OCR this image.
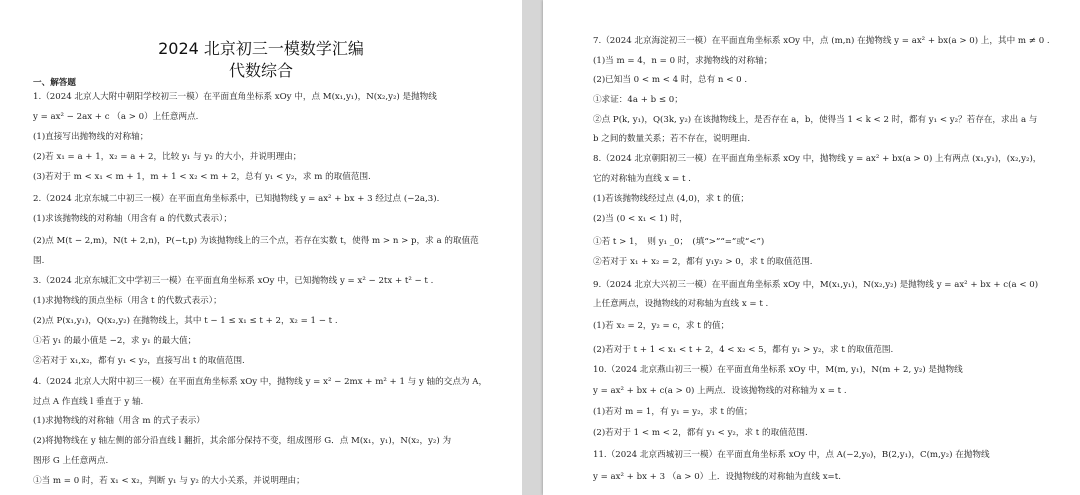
2024 北京初三一模数学汇编
代数综合
一、解答题
1.（2024 北京人大附中朝阳学校初三一模）在平面直角坐标系 xOy 中，点 M(x₁,y₁)，N(x₂,y₂) 是抛物线
y = ax² − 2ax + c （a > 0）上任意两点.
(1)直接写出抛物线的对称轴；
(2)若 x₁ = a + 1，x₂ = a + 2，比较 y₁ 与 y₂ 的大小，并说明理由；
(3)若对于 m < x₁ < m + 1，m + 1 < x₂ < m + 2，总有 y₁ < y₂，求 m 的取值范围.
2.（2024 北京东城二中初三一模）在平面直角坐标系中，已知抛物线 y = ax² + bx + 3 经过点 (−2a,3).
(1)求该抛物线的对称轴（用含有 a 的代数式表示）；
(2)点 M(t − 2,m)，N(t + 2,n)，P(−t,p) 为该抛物线上的三个点，若存在实数 t，使得 m > n > p，求 a 的取值范
围.
3.（2024 北京东城汇文中学初三一模）在平面直角坐标系 xOy 中，已知抛物线 y = x² − 2tx + t² − t .
(1)求抛物线的顶点坐标（用含 t 的代数式表示）；
(2)点 P(x₁,y₁)，Q(x₂,y₂) 在抛物线上，其中 t − 1 ≤ x₁ ≤ t + 2，x₂ = 1 − t .
①若 y₁ 的最小值是 −2，求 y₁ 的最大值；
②若对于 x₁,x₂，都有 y₁ < y₂，直接写出 t 的取值范围.
4.（2024 北京人大附中初三一模）在平面直角坐标系 xOy 中，抛物线 y = x² − 2mx + m² + 1 与 y 轴的交点为 A，
过点 A 作直线 l 垂直于 y 轴.
(1)求抛物线的对称轴（用含 m 的式子表示）
(2)将抛物线在 y 轴左侧的部分沿直线 l 翻折，其余部分保持不变，组成图形 G．点 M(x₁，y₁)，N(x₂，y₂) 为
图形 G 上任意两点.
①当 m = 0 时，若 x₁ < x₂，判断 y₁ 与 y₂ 的大小关系，并说明理由；
7.（2024 北京海淀初三一模）在平面直角坐标系 xOy 中，点 (m,n) 在抛物线 y = ax² + bx(a > 0) 上，其中 m ≠ 0 .
(1)当 m = 4，n = 0 时，求抛物线的对称轴；
(2)已知当 0 < m < 4 时，总有 n < 0 .
①求证：4a + b ≤ 0；
②点 P(k, y₁)，Q(3k, y₂) 在该抛物线上，是否存在 a，b，使得当 1 < k < 2 时，都有 y₁ < y₂？若存在，求出 a 与
b 之间的数量关系；若不存在，说明理由.
8.（2024 北京朝阳初三一模）在平面直角坐标系 xOy 中，抛物线 y = ax² + bx(a > 0) 上有两点 (x₁,y₁)，(x₂,y₂)，
它的对称轴为直线 x = t .
(1)若该抛物线经过点 (4,0)，求 t 的值；
(2)当 (0 < x₁ < 1) 时，
①若 t > 1，　则 y₁ _0；　(填“>”“=”或“<”)
②若对于 x₁ + x₂ = 2，都有 y₁y₂ > 0，求 t 的取值范围.
9.（2024 北京大兴初三一模）在平面直角坐标系 xOy 中，M(x₁,y₁)，N(x₂,y₂) 是抛物线 y = ax² + bx + c(a < 0)
上任意两点，设抛物线的对称轴为直线 x = t .
(1)若 x₂ = 2，y₂ = c，求 t 的值；
(2)若对于 t + 1 < x₁ < t + 2，4 < x₂ < 5，都有 y₁ > y₂，求 t 的取值范围.
10.（2024 北京燕山初三一模）在平面直角坐标系 xOy 中，M(m, y₁)，N(m + 2, y₂) 是抛物线
y = ax² + bx + c(a > 0) 上两点．设该抛物线的对称轴为 x = t .
(1)若对 m = 1，有 y₁ = y₂，求 t 的值；
(2)若对于 1 < m < 2，都有 y₁ < y₂，求 t 的取值范围.
11.（2024 北京西城初三一模）在平面直角坐标系 xOy 中，点 A(−2,y₀)，B(2,y₁)，C(m,y₂) 在抛物线
y = ax² + bx + 3 （a > 0）上．设抛物线的对称轴为直线 x=t.
